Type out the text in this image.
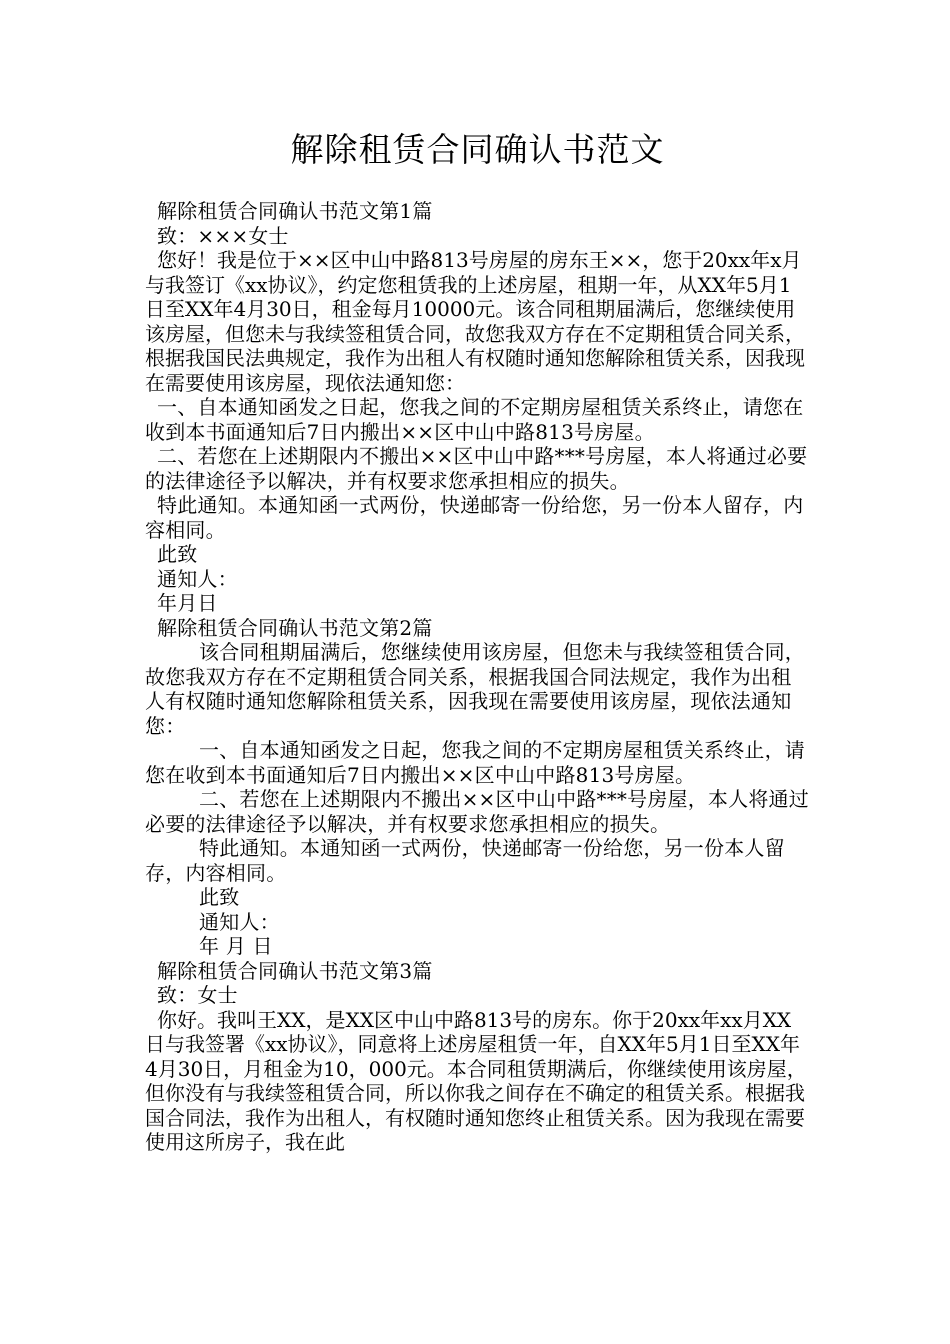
解除租赁合同确认书范文

解除租赁合同确认书范文第1篇

致：×××女士

您好！我是位于××区中山中路813号房屋的房东王××，您于20xx年x月与我签订《xx协议》，约定您租赁我的上述房屋，租期一年，从XX年5月1日至XX年4月30日，租金每月10000元。该合同租期届满后，您继续使用该房屋，但您未与我续签租赁合同，故您我双方存在不定期租赁合同关系，根据我国民法典规定，我作为出租人有权随时通知您解除租赁关系，因我现在需要使用该房屋，现依法通知您：

一、自本通知函发之日起，您我之间的不定期房屋租赁关系终止，请您在收到本书面通知后7日内搬出××区中山中路813号房屋。

二、若您在上述期限内不搬出××区中山中路***号房屋，本人将通过必要的法律途径予以解决，并有权要求您承担相应的损失。

特此通知。本通知函一式两份，快递邮寄一份给您，另一份本人留存，内容相同。

此致

通知人：

年月日

解除租赁合同确认书范文第2篇

该合同租期届满后，您继续使用该房屋，但您未与我续签租赁合同，故您我双方存在不定期租赁合同关系，根据我国合同法规定，我作为出租人有权随时通知您解除租赁关系，因我现在需要使用该房屋，现依法通知您：

一、自本通知函发之日起，您我之间的不定期房屋租赁关系终止，请您在收到本书面通知后7日内搬出××区中山中路813号房屋。

二、若您在上述期限内不搬出××区中山中路***号房屋，本人将通过必要的法律途径予以解决，并有权要求您承担相应的损失。

特此通知。本通知函一式两份，快递邮寄一份给您，另一份本人留存，内容相同。

此致

通知人：

年 月 日

解除租赁合同确认书范文第3篇

致：女士

你好。我叫王XX，是XX区中山中路813号的房东。你于20xx年xx月XX日与我签署《xx协议》，同意将上述房屋租赁一年，自XX年5月1日至XX年4月30日，月租金为10，000元。本合同租赁期满后，你继续使用该房屋，但你没有与我续签租赁合同，所以你我之间存在不确定的租赁关系。根据我国合同法，我作为出租人，有权随时通知您终止租赁关系。因为我现在需要使用这所房子，我在此
